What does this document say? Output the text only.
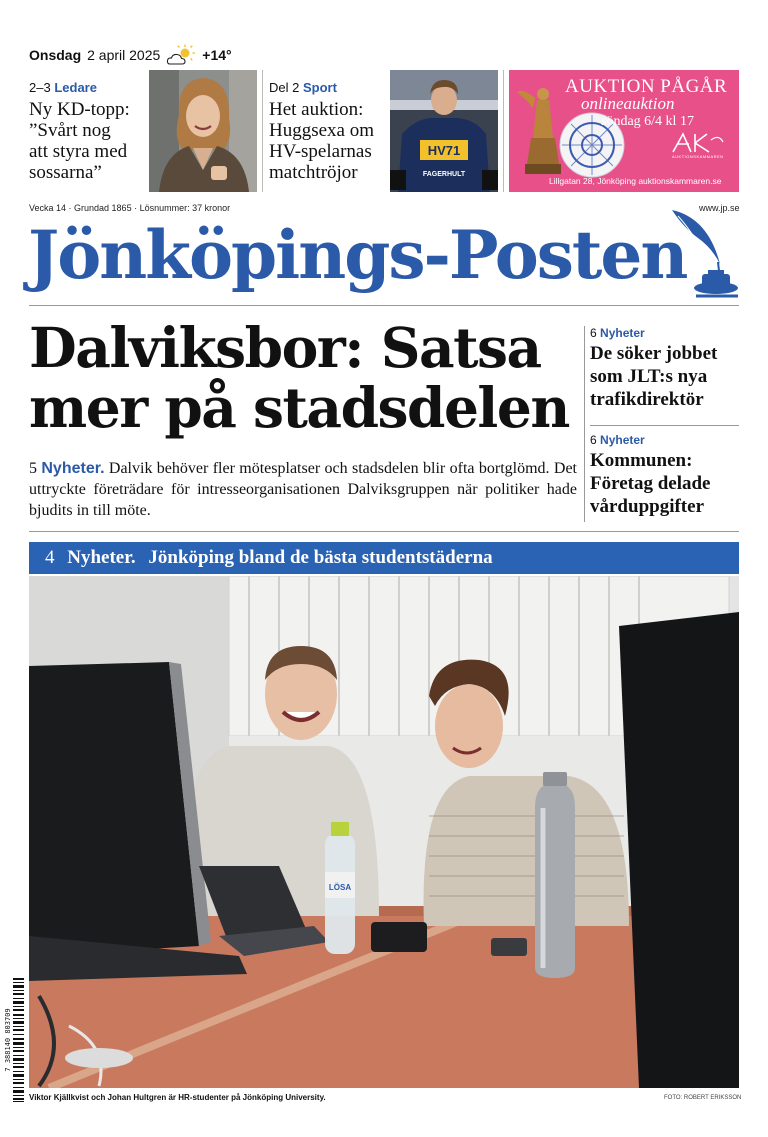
Onsdag 2 april 2025	+14°
2–3 Ledare
Ny KD-topp:
”Svårt nog
att styra med
sossarna”
Del 2 Sport
Het auktion:
Huggsexa om
HV-spelarnas
matchtröjor
HV71
FAGERHULT
AUKTION PÅGÅR
onlineauktion
söndag 6/4 kl 17
AUKTIONSKAMMAREN
Lillgatan 28, Jönköping auktionskammaren.se
Vecka 14 · Grundad 1865 · Lösnummer: 37 kronor	www.jp.se
Jönköpings-Posten
Dalviksbor: Satsa
mer på stadsdelen
5 Nyheter. Dalvik behöver fler mötesplatser och stadsdelen blir ofta bortglömd. Det uttryckte företrädare för intresseorganisationen Dalviksgruppen när politiker hade bjudits in till möte.
6 Nyheter
De söker jobbet
som JLT:s nya
trafikdirektör
6 Nyheter
Kommunen:
Företag delade
vårduppgifter
4 Nyheter. Jönköping bland de bästa studentstäderna
LÖSA
Viktor Kjällkvist och Johan Hultgren är HR-studenter på Jönköping University.	FOTO: ROBERT ERIKSSON
7 388140 803709
